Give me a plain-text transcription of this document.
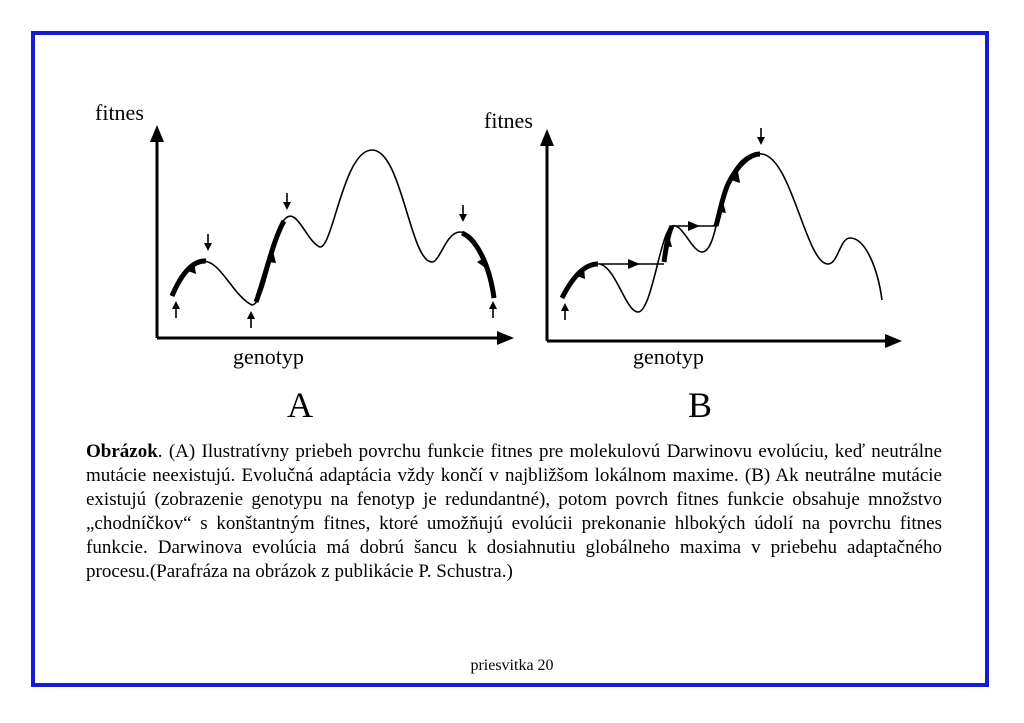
fitnes
genotyp
A
fitnes
genotyp
B

Obrázok. (A) Ilustratívny priebeh povrchu funkcie fitnes pre molekulovú Darwinovu evolúciu, keď neutrálne mutácie neexistujú. Evolučná adaptácia vždy končí v najbližšom lokálnom maxime. (B) Ak neutrálne mutácie existujú (zobrazenie genotypu na fenotyp je redundantné), potom povrch fitnes funkcie obsahuje množstvo „chodníčkov“ s konštantným fitnes, ktoré umožňujú evolúcii prekonanie hlbokých údolí na povrchu fitnes funkcie. Darwinova evolúcia má dobrú šancu k dosiahnutiu globálneho maxima v priebehu adaptačného procesu.(Parafráza na obrázok z publikácie P. Schustra.)

priesvitka 20
